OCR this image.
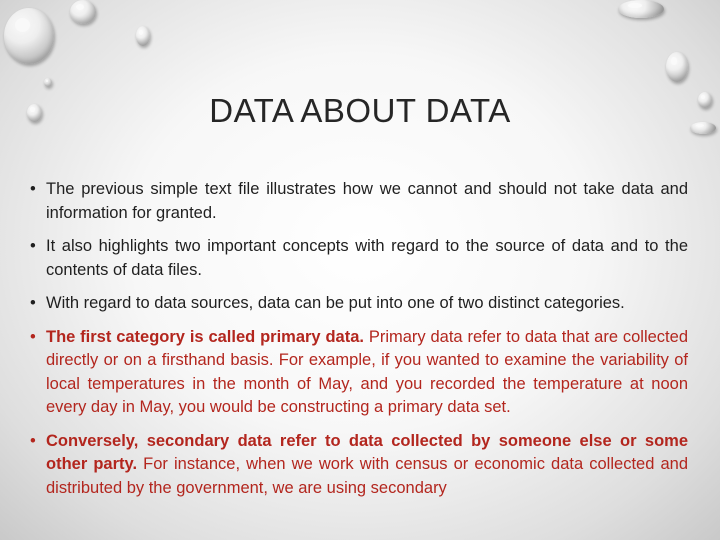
DATA ABOUT DATA
• The previous simple text file illustrates how we cannot and should not take data and information for granted.
• It also highlights two important concepts with regard to the source of data and to the contents of data files.
• With regard to data sources, data can be put into one of two distinct categories.
• The first category is called primary data. Primary data refer to data that are collected directly or on a firsthand basis. For example, if you wanted to examine the variability of local temperatures in the month of May, and you recorded the temperature at noon every day in May, you would be constructing a primary data set.
• Conversely, secondary data refer to data collected by someone else or some other party. For instance, when we work with census or economic data collected and distributed by the government, we are using secondary
